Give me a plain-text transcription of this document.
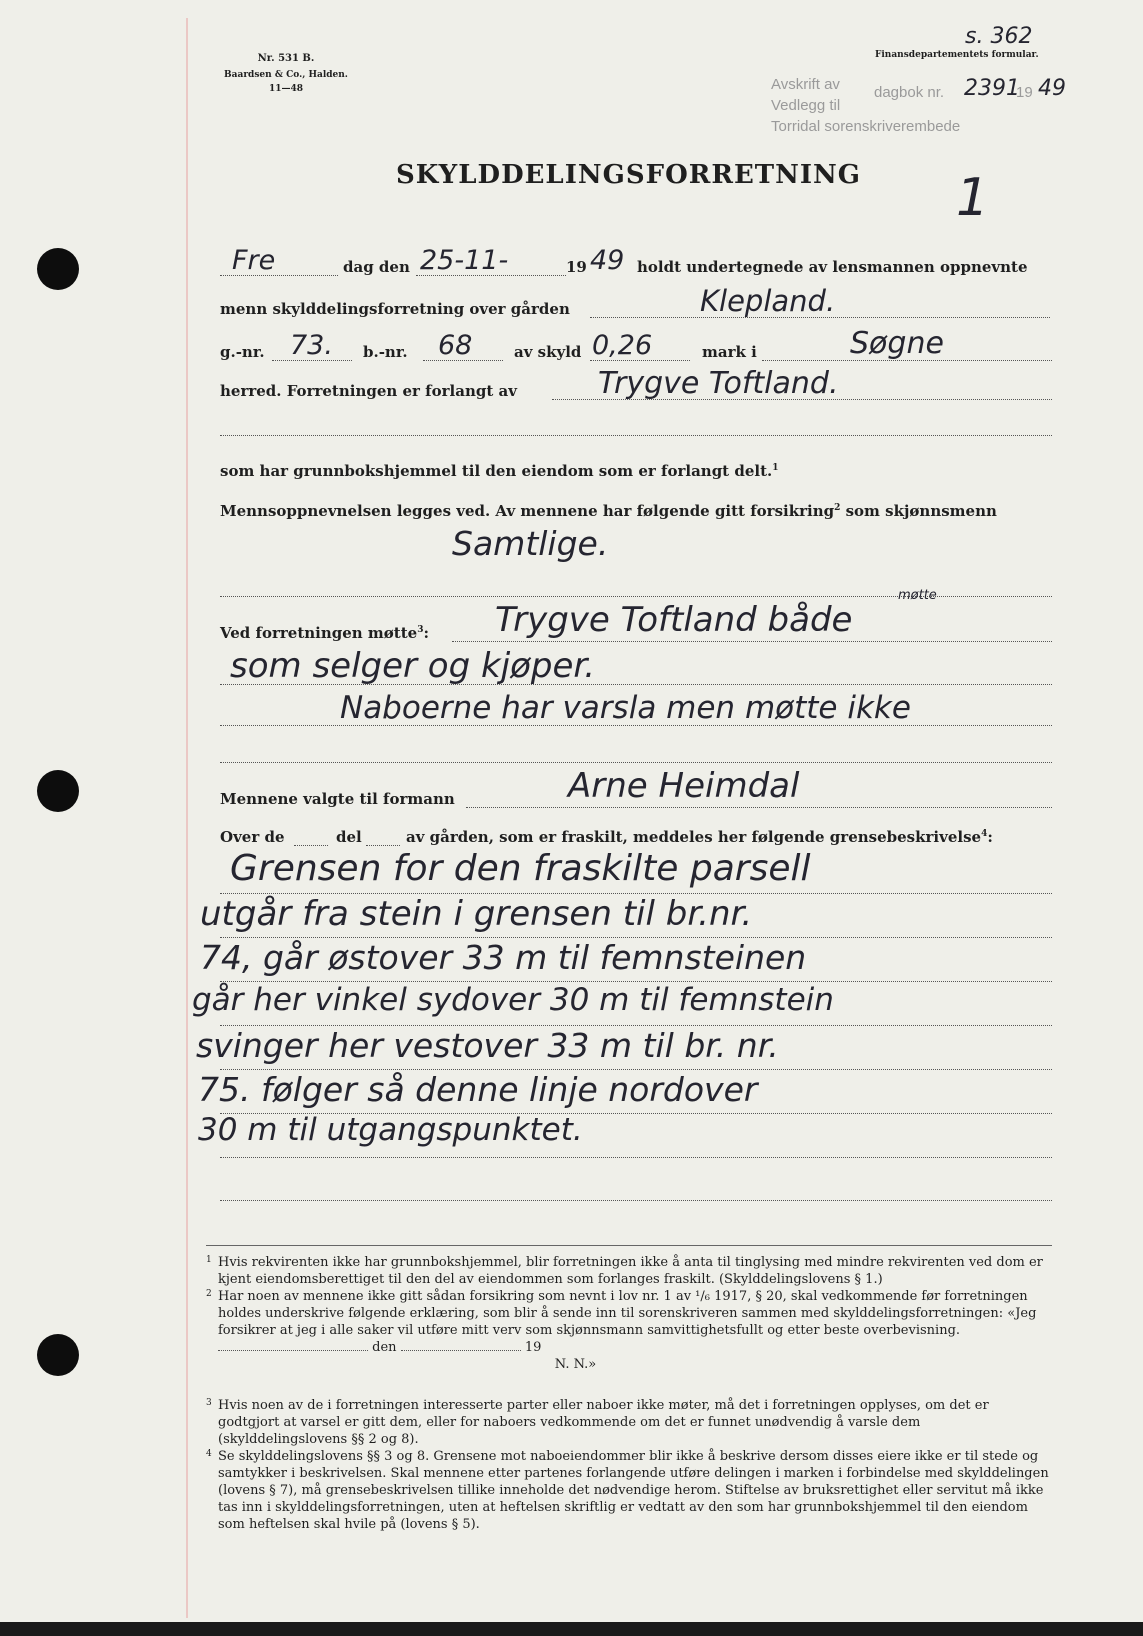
Nr. 531 B.
Baardsen & Co., Halden.
11—48
s. 362
Finansdepartementets formular.
Avskrift av
Vedlegg til
Torridal sorenskriverembede
dagbok nr. 2391
19 49
SKYLDDELINGSFORRETNING 1
Fre	dag den 25-11-	19 49 holdt undertegnede av lensmannen oppnevnte
menn skylddelingsforretning over gården	Klepland.
g.-nr. 73. b.-nr. 68	av skyld 0,26	mark i	Søgne
herred. Forretningen er forlangt av	Trygve Toftland.
som har grunnbokshjemmel til den eiendom som er forlangt delt.$^1$
Mennsoppnevnelsen legges ved. Av mennene har følgende gitt forsikring$^2$ som skjønnsmenn
Samtlige.
Ved forretningen møtte$^3$: Trygve Toftland både
møtte
som selger og kjøper.
Naboerne har varsla men møtte ikke
Mennene valgte til formann	Arne Heimdal
Over de	del	av gården, som er fraskilt, meddeles her følgende grensebeskrivelse$^4$:
Grensen for den fraskilte parsell
utgår fra stein i grensen til br.nr.
74, går østover 33 m til femnsteinen
går her vinkel sydover 30 m til femnstein
svinger her vestover 33 m til br. nr.
75. følger så denne linje nordover
30 m til utgangspunktet.
1 Hvis rekvirenten ikke har grunnbokshjemmel, blir forretningen ikke å anta til tinglysing med mindre rekvirenten ved dom er kjent eiendomsberettiget til den del av eiendommen som forlanges fraskilt. (Skylddelingslovens § 1.)
2 Har noen av mennene ikke gitt sådan forsikring som nevnt i lov nr. 1 av ¹/₆ 1917, § 20, skal vedkommende før forretningen holdes underskrive følgende erklæring, som blir å sende inn til sorenskriveren sammen med skylddelingsforretningen: «Jeg forsikrer at jeg i alle saker vil utføre mitt verv som skjønnsmann samvittighetsfullt og etter beste overbevisning.  den	19
N. N.»
3 Hvis noen av de i forretningen interesserte parter eller naboer ikke møter, må det i forretningen opplyses, om det er godtgjort at varsel er gitt dem, eller for naboers vedkommende om det er funnet unødvendig å varsle dem (skylddelingslovens §§ 2 og 8).
4 Se skylddelingslovens §§ 3 og 8. Grensene mot naboeiendommer blir ikke å beskrive dersom disses eiere ikke er til stede og samtykker i beskrivelsen. Skal mennene etter partenes forlangende utføre delingen i marken i forbindelse med skylddelingen (lovens § 7), må grensebeskrivelsen tillike inneholde det nødvendige herom. Stiftelse av bruksrettighet eller servitut må ikke tas inn i skylddelingsforretningen, uten at heftelsen skriftlig er vedtatt av den som har grunnbokshjemmel til den eiendom som heftelsen skal hvile på (lovens § 5).
